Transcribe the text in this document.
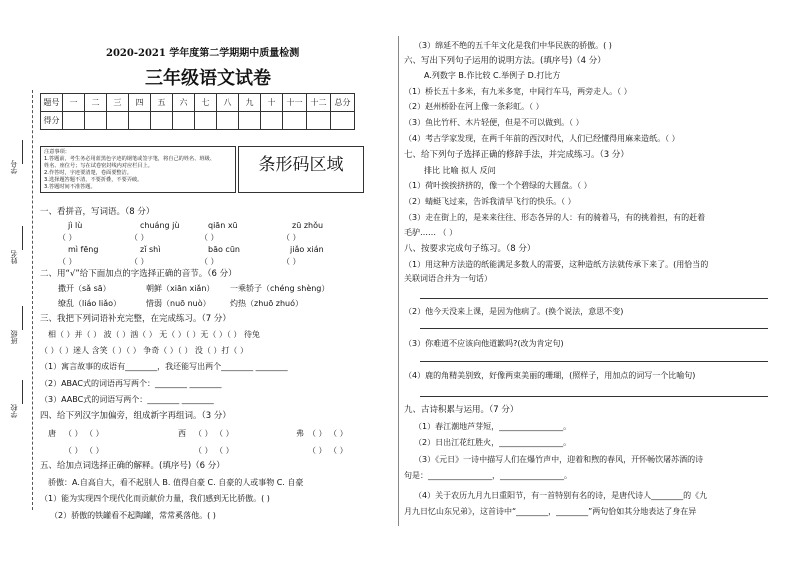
学号
姓名
班级
学校
2020-2021 学年度第二学期期中质量检测
三年级语文试卷
题号	一	二	三	四	五	六	七	八	九	十	十一	十二	总分
得分													
注意事项：
1.答题前，考生务必用蓝黑色字迹的钢笔或签字笔，将自己的姓名、班级、
姓名、座位号；写在试卷密封线内对应栏目上。
2.作答时，字迹要清楚，卷面要整洁。
3.选择题答题不清，不要折叠，不要弄破。
3.答题时间不准答题。
条形码区域
一、看拼音，写词语。（8 分）
jì lù	chuáng jù	qiān xū	zū zhǒu
（ ）	（ ）	（ ）	（ ）
mì fēng	zǐ shì	bāo cūn	jiǎo xián
（ ）	（ ）	（ ）	（ ）
二、用“√”给下面加点的字选择正确的音节。（6 分）
撒开（sǎ sā）	朝鲜（xiān xiǎn） 一乘轿子（chéng shèng）
缭乱（liáo liǎo）	惜弱（nuō nuò） 灼热（zhuō zhuó）
三、我把下列词语补充完整，在完成练习。（7 分）
相（ ）并（ ） 波（ ）汹（ ） 无（ ）（ ）无（ ）（ ） 待兔
（ ）（ ）迷人 含笑（ ）（ ） 争奇（ ）（ ） 没（ ）打（ ）
（1）寓言故事的成语有________，我还能写出两个________ ________
（2）ABAC式的词语再写两个：________ ________
（3）AABC式的词语写两个：________ ________
四、给下列汉字加偏旁，组成新字再组词。（3 分）
唐 （ ） （ ）	西 （ ） （ ）	弗 （ ） （ ）
（ ） （ ）	（ ） （ ）	（ ） （ ）
五、给加点词选择正确的解释。(填序号)（6 分）
骄傲：A.自高自大，看不起别人 B. 值得自豪 C. 自豪的人或事物 C. 自豪
（1）能为实现四个现代化而贡献价力量，我们感到无比骄傲。( )
（2）骄傲的铁罐看不起陶罐，常常奚落他。( )
（3）绵延不绝的五千年文化是我们中华民族的骄傲。( )
六、写出下列句子运用的说明方法。(填序号)（4 分）
A.列数字 B.作比较 C.举例子 D.打比方
（1）桥长五十多米，有九米多宽，中间行车马，两旁走人。（ ）
（2）赵州桥卧在河上像一条彩虹。（ ）
（3）鱼比竹杆、木片轻便，但是不可以做到。（ ）
（4）考古学家发现，在两千年前的西汉时代，人们已经懂得用麻来造纸。（ ）
七、给下列句子选择正确的修辞手法，并完成练习。（3 分）
排比 比喻 拟人 反问
（1）荷叶挨挨挤挤的，像一个个碧绿的大圆盘。（ ）
（2）蜻蜓飞过来，告诉我清早飞行的快乐。（ ）
（3）走在街上的，是来来往往、形态各异的人：有的骑着马，有的挑着担，有的赶着
毛驴…… （ ）
八、按要求完成句子练习。（8 分）
（1）用这种方法造的纸能满足多数人的需要，这种造纸方法就传承下来了。(用恰当的
关联词语合并为一句话）
（2）他今天没来上课，是因为他病了。(换个说法，意思不变)
（3）你难道不应该向他道歉吗?(改为肯定句)
（4）鹿的角精美别致，好像两束美丽的珊瑚，(照样子，用加点的词写一个比喻句)
九、古诗积累与运用。（7 分）
（1）春江潮地芦芽短，________________。
（2）日出江花红胜火，________________。
（3）《元日》一诗中描写人们在爆竹声中，迎着和煦的春风，开怀畅饮屠苏酒的诗
句是：________________，________________。
（4）关于农历九月九日重阳节，有一首特别有名的诗，是唐代诗人________的《九
月九日忆山东兄弟》，这首诗中“________，________”两句恰如其分地表达了身在异
